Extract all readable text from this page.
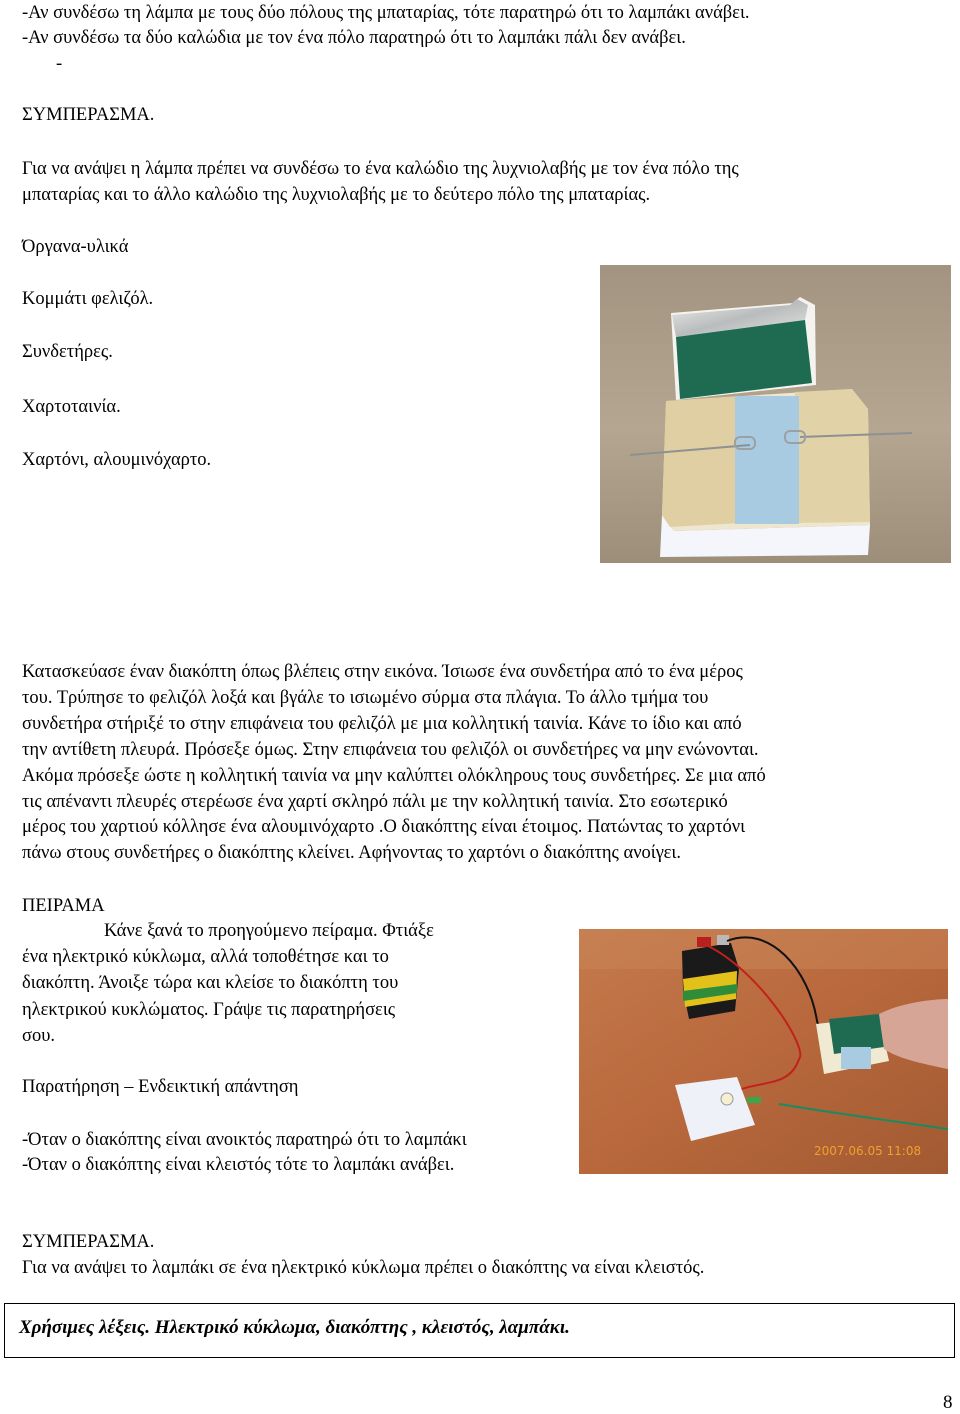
-Αν συνδέσω τη λάμπα με τους δύο πόλους της μπαταρίας, τότε παρατηρώ ότι το λαμπάκι ανάβει.
-Αν συνδέσω τα δύο καλώδια με τον ένα πόλο παρατηρώ ότι το λαμπάκι πάλι δεν ανάβει.
-
ΣΥΜΠΕΡΑΣΜΑ.
Για να ανάψει η λάμπα πρέπει να συνδέσω το ένα καλώδιο της λυχνιολαβής με τον ένα πόλο της
μπαταρίας και το άλλο καλώδιο της λυχνιολαβής με το δεύτερο πόλο της μπαταρίας.
Όργανα-υλικά
Κομμάτι φελιζόλ.
Συνδετήρες.
Χαρτοταινία.
Χαρτόνι, αλουμινόχαρτο.

Κατασκεύασε έναν διακόπτη όπως βλέπεις στην εικόνα. Ίσιωσε ένα συνδετήρα από το ένα μέρος

του. Τρύπησε το φελιζόλ λοξά και βγάλε το ισιωμένο σύρμα στα πλάγια. Το άλλο τμήμα του

συνδετήρα στήριξέ το στην επιφάνεια του φελιζόλ με μια κολλητική ταινία. Κάνε το ίδιο και από

την αντίθετη πλευρά. Πρόσεξε όμως. Στην επιφάνεια του φελιζόλ οι συνδετήρες να μην ενώνονται.

Ακόμα πρόσεξε ώστε η κολλητική ταινία να μην καλύπτει ολόκληρους τους συνδετήρες. Σε μια από

τις απέναντι πλευρές στερέωσε ένα χαρτί σκληρό πάλι με την κολλητική ταινία. Στο εσωτερικό

μέρος του χαρτιού κόλλησε ένα αλουμινόχαρτο .Ο διακόπτης είναι έτοιμος. Πατώντας το χαρτόνι

πάνω στους συνδετήρες ο διακόπτης κλείνει. Αφήνοντας το χαρτόνι ο διακόπτης ανοίγει.

ΠΕΙΡΑΜΑ

Κάνε ξανά το προηγούμενο πείραμα. Φτιάξε

ένα ηλεκτρικό κύκλωμα, αλλά τοποθέτησε και το

διακόπτη. Άνοιξε τώρα και κλείσε το διακόπτη του

ηλεκτρικού κυκλώματος. Γράψε τις παρατηρήσεις

σου.

Παρατήρηση – Ενδεικτική απάντηση
-Όταν ο διακόπτης είναι ανοικτός παρατηρώ ότι το λαμπάκι
-Όταν ο διακόπτης είναι κλειστός τότε το λαμπάκι ανάβει.
2007.06.05 11:08
ΣΥΜΠΕΡΑΣΜΑ.
Για να ανάψει το λαμπάκι σε ένα ηλεκτρικό κύκλωμα πρέπει ο διακόπτης να είναι κλειστός.
Χρήσιμες λέξεις. Ηλεκτρικό κύκλωμα, διακόπτης , κλειστός, λαμπάκι.
8
